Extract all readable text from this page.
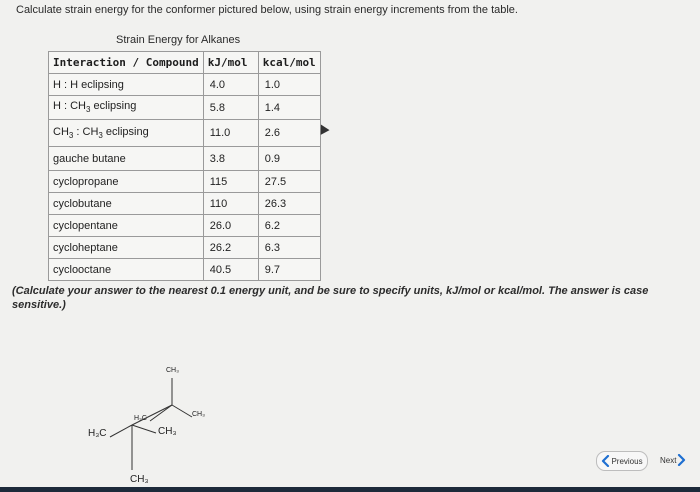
Calculate strain energy for the conformer pictured below, using strain energy increments from the table.
Strain Energy for Alkanes
Interaction / Compound	kJ/mol	kcal/mol
H : H eclipsing	4.0	1.0
H : $CH_3$ eclipsing	5.8	1.4
$CH_3$ : $CH_3$ eclipsing	11.0	2.6
gauche butane	3.8	0.9
cyclopropane	115	27.5
cyclobutane	110	26.3
cyclopentane	26.0	6.2
cycloheptane	26.2	6.3
cyclooctane	40.5	9.7
(Calculate your answer to the nearest 0.1 energy unit, and be sure to specify units, kJ/mol or kcal/mol. The answer is case sensitive.)
CH₃
CH₃
H₃C
H₃C	CH₃
CH₃
Previous Next
